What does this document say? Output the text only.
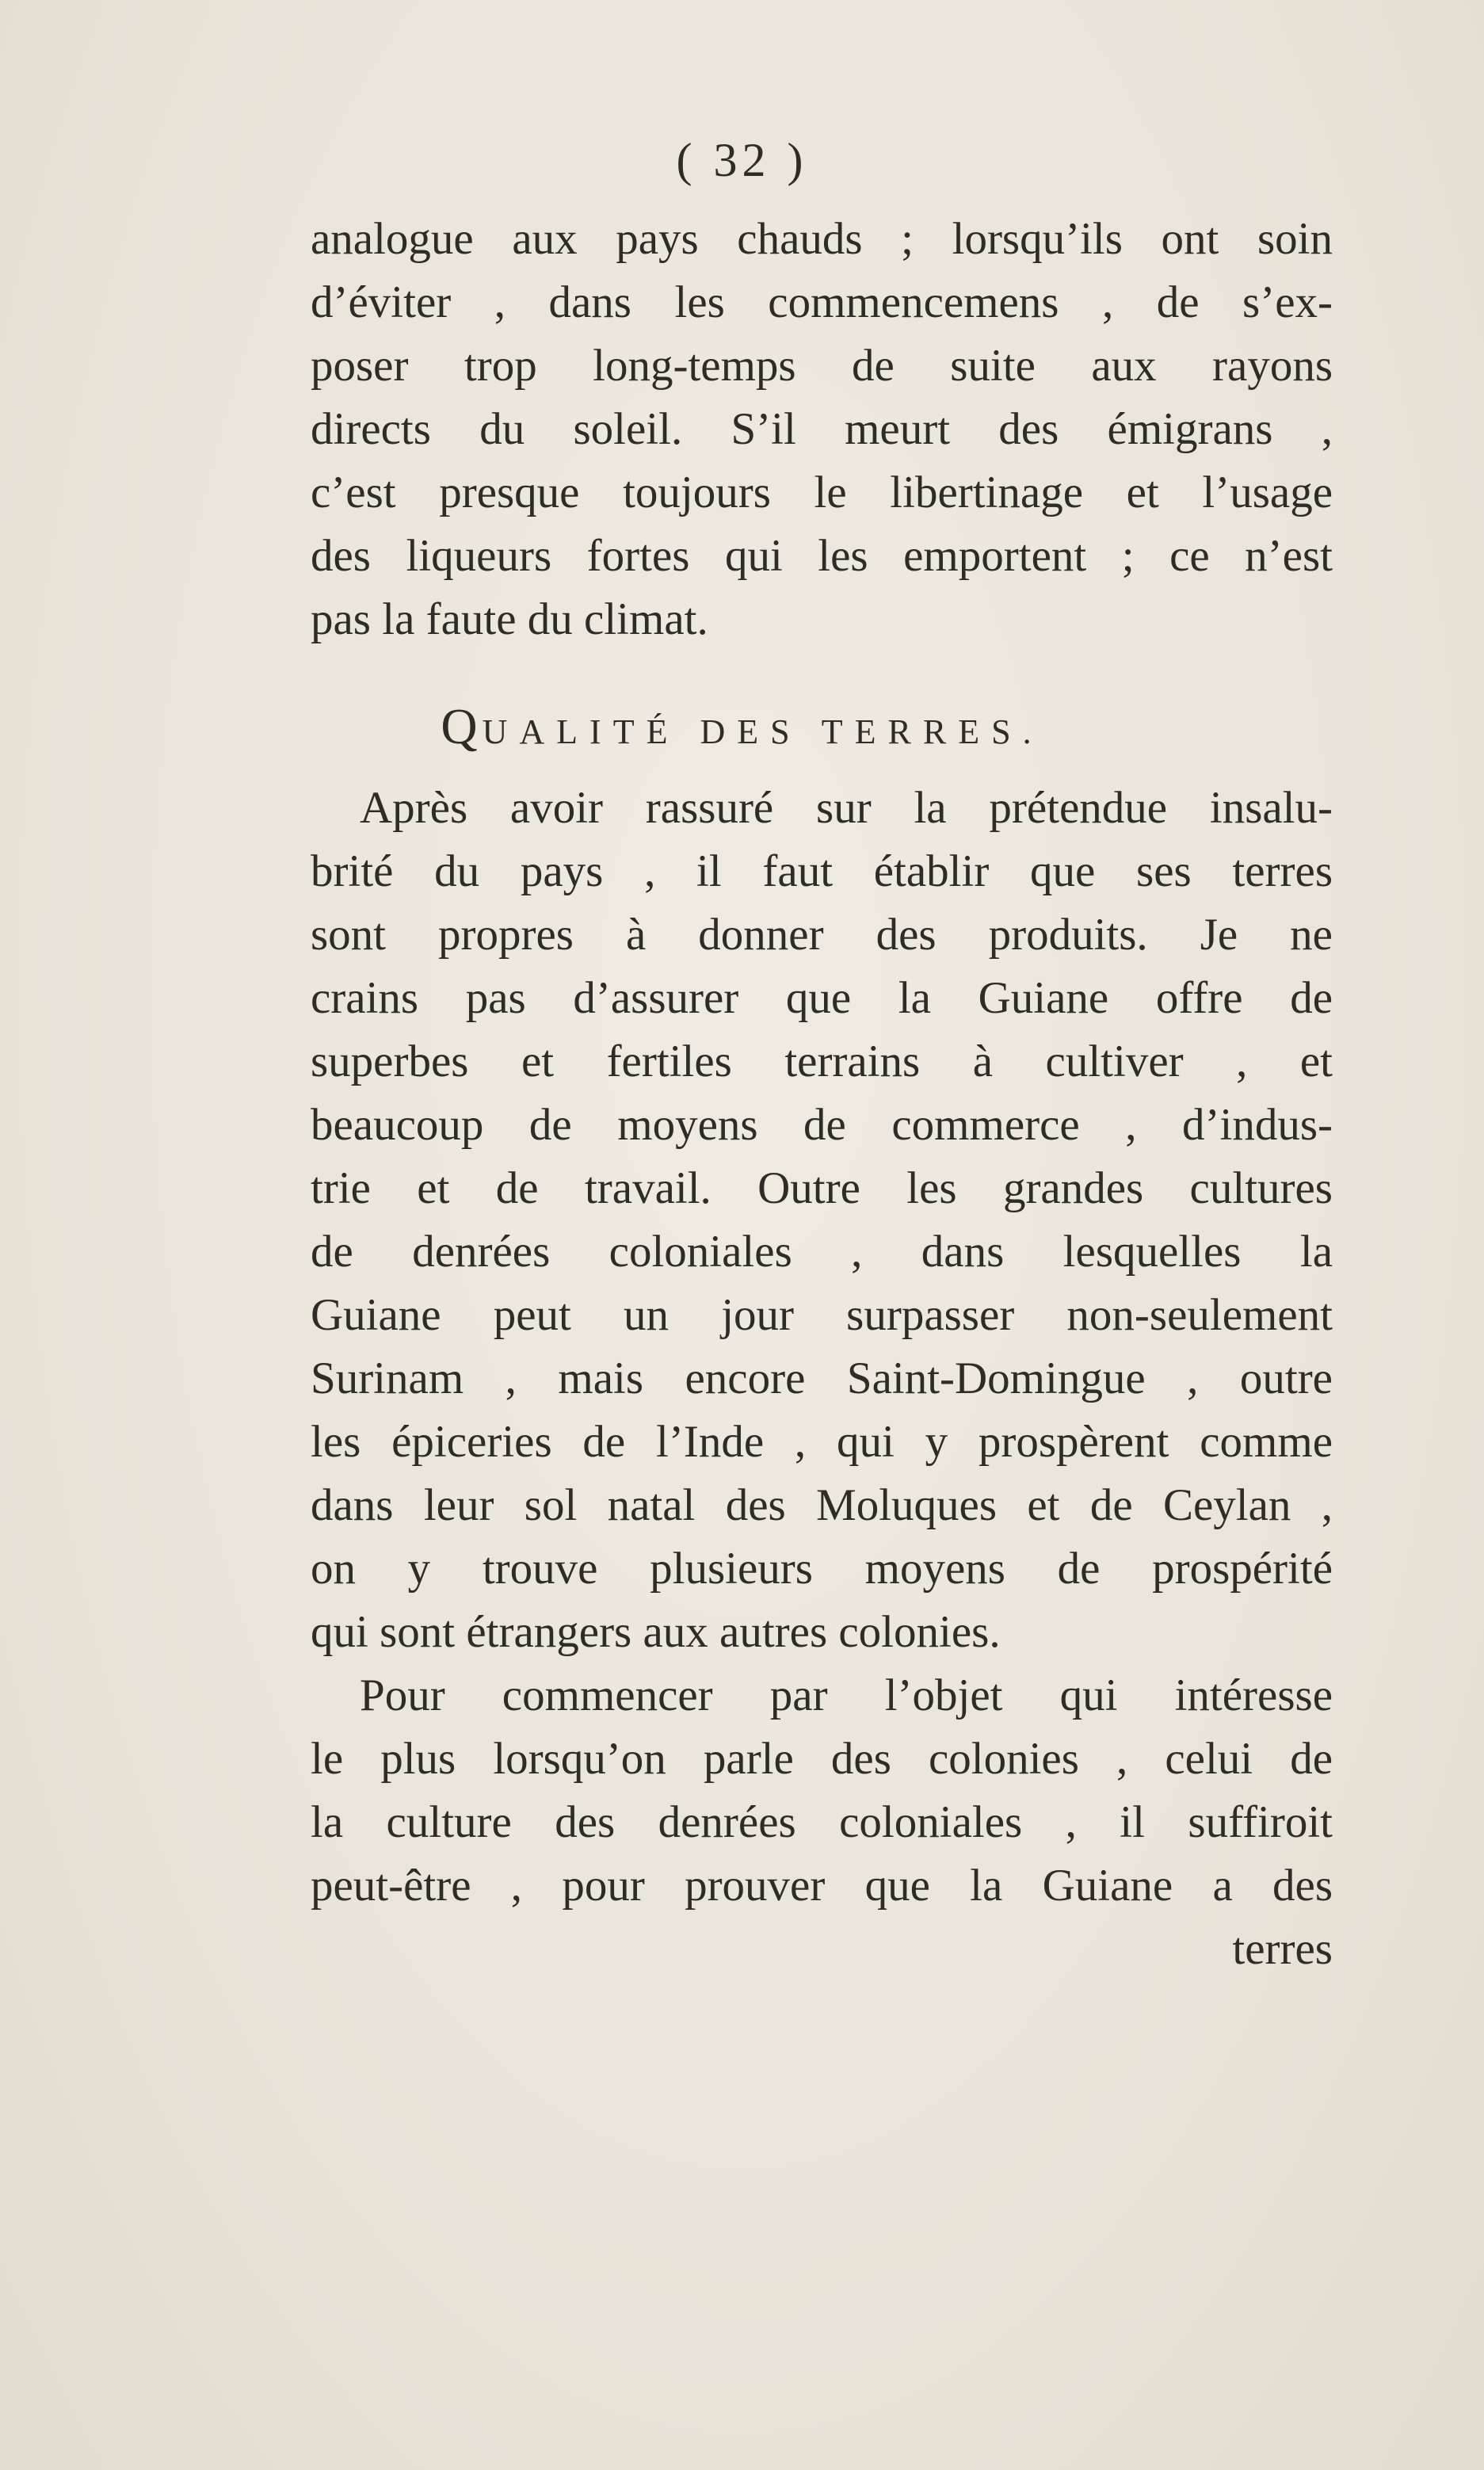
( 32 )
analogue aux pays chauds ; lorsqu’ils ont soin
d’éviter , dans les commencemens , de s’ex-
poser trop long-temps de suite aux rayons
directs du soleil. S’il meurt des émigrans ,
c’est presque toujours le libertinage et l’usage
des liqueurs fortes qui les emportent ; ce n’est
pas la faute du climat.
QUALITÉ DES TERRES.
Après avoir rassuré sur la prétendue insalu-
brité du pays , il faut établir que ses terres
sont propres à donner des produits. Je ne
crains pas d’assurer que la Guiane offre de
superbes et fertiles terrains à cultiver , et
beaucoup de moyens de commerce , d’indus-
trie et de travail. Outre les grandes cultures
de denrées coloniales , dans lesquelles la
Guiane peut un jour surpasser non-seulement
Surinam , mais encore Saint-Domingue , outre
les épiceries de l’Inde , qui y prospèrent comme
dans leur sol natal des Moluques et de Ceylan ,
on y trouve plusieurs moyens de prospérité
qui sont étrangers aux autres colonies.
Pour commencer par l’objet qui intéresse
le plus lorsqu’on parle des colonies , celui de
la culture des denrées coloniales , il suffiroit
peut-être , pour prouver que la Guiane a des
terres
